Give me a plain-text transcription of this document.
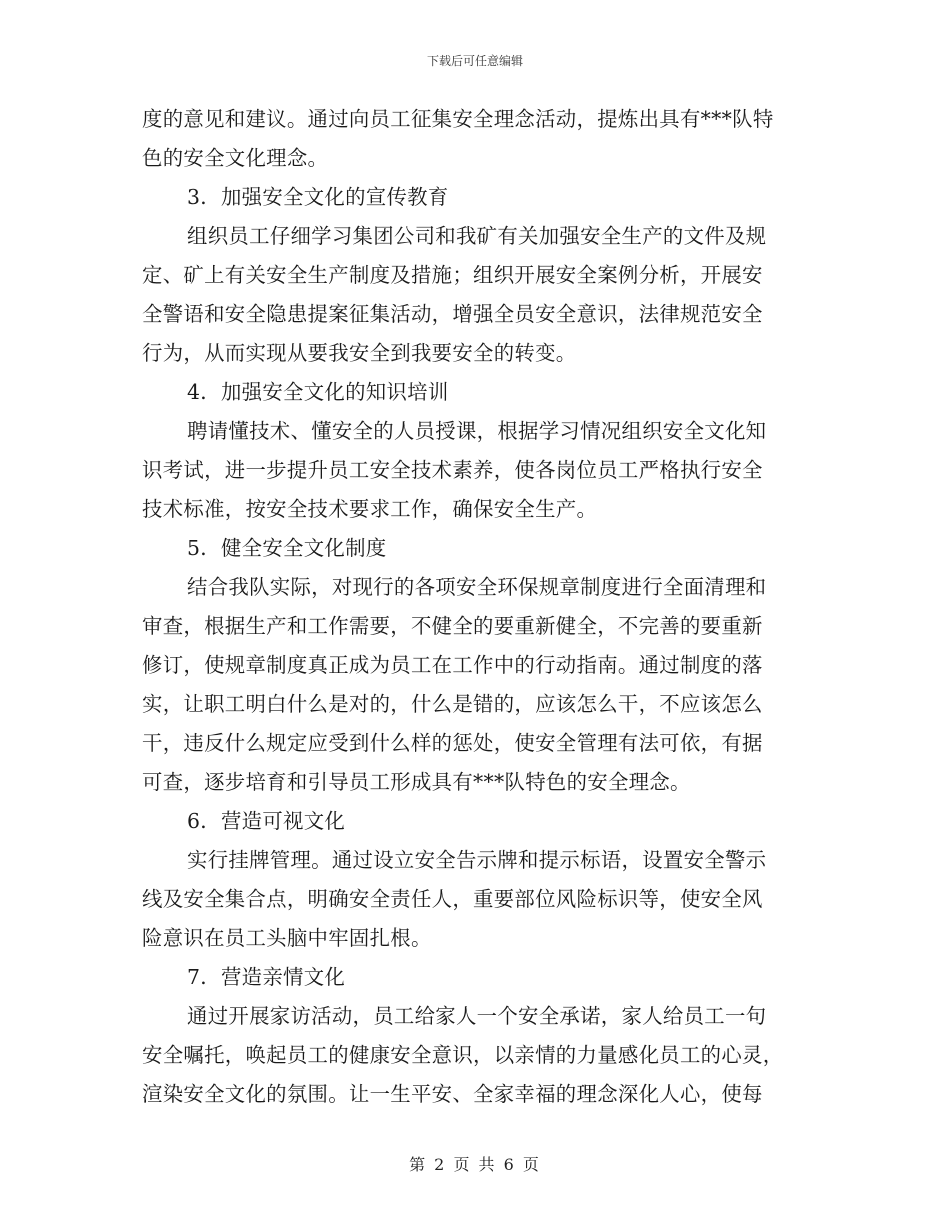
下载后可任意编辑
度的意见和建议。通过向员工征集安全理念活动，提炼出具有***队特
色的安全文化理念。
3．加强安全文化的宣传教育
组织员工仔细学习集团公司和我矿有关加强安全生产的文件及规
定、矿上有关安全生产制度及措施；组织开展安全案例分析，开展安
全警语和安全隐患提案征集活动，增强全员安全意识，法律规范安全
行为，从而实现从要我安全到我要安全的转变。
4．加强安全文化的知识培训
聘请懂技术、懂安全的人员授课，根据学习情况组织安全文化知
识考试，进一步提升员工安全技术素养，使各岗位员工严格执行安全
技术标准，按安全技术要求工作，确保安全生产。
5．健全安全文化制度
结合我队实际，对现行的各项安全环保规章制度进行全面清理和
审查，根据生产和工作需要，不健全的要重新健全，不完善的要重新
修订，使规章制度真正成为员工在工作中的行动指南。通过制度的落
实，让职工明白什么是对的，什么是错的，应该怎么干，不应该怎么
干，违反什么规定应受到什么样的惩处，使安全管理有法可依，有据
可查，逐步培育和引导员工形成具有***队特色的安全理念。
6．营造可视文化
实行挂牌管理。通过设立安全告示牌和提示标语，设置安全警示
线及安全集合点，明确安全责任人，重要部位风险标识等，使安全风
险意识在员工头脑中牢固扎根。
7．营造亲情文化
通过开展家访活动，员工给家人一个安全承诺，家人给员工一句
安全嘱托，唤起员工的健康安全意识，以亲情的力量感化员工的心灵，
渲染安全文化的氛围。让一生平安、全家幸福的理念深化人心，使每
第 2 页 共 6 页
